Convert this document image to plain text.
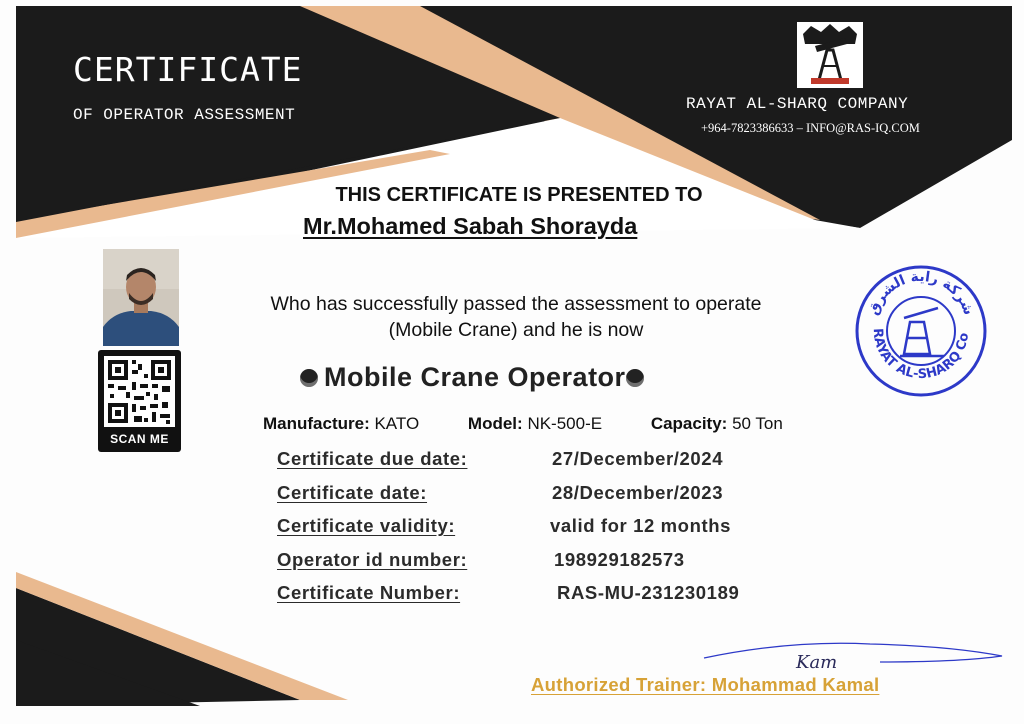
CERTIFICATE
OF OPERATOR ASSESSMENT
RAYAT AL-SHARQ COMPANY
+964-7823386633 – INFO@RAS-IQ.COM
THIS CERTIFICATE IS PRESENTED TO
Mr.Mohamed Sabah Shorayda
SCAN ME
Who has successfully passed the assessment to operate
(Mobile Crane) and he is now
Mobile Crane Operator
Manufacture: KATO	Model: NK-500-E	Capacity: 50 Ton
Certificate due date:	27/December/2024
Certificate date:	28/December/2023
Certificate validity:	valid for 12 months
Operator id number:	198929182573
Certificate Number:	RAS-MU-231230189
RAYAT AL-SHARQ Co
شركة راية الشرق
Kam
Authorized Trainer: Mohammad Kamal
